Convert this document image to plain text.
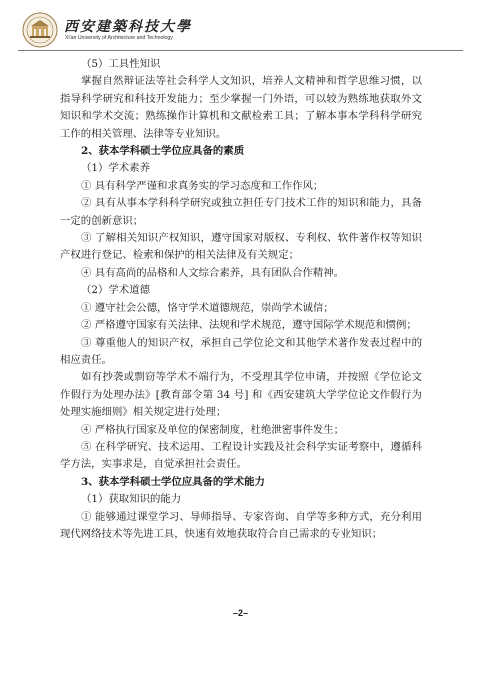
西安建築科技大學
Xi'an University of Architecture and Technology

（5）工具性知识

掌握自然辩证法等社会科学人文知识，培养人文精神和哲学思维习惯，以指导科学研究和科技开发能力；至少掌握一门外语，可以较为熟练地获取外文知识和学术交流；熟练操作计算机和文献检索工具；了解本事本学科科学研究工作的相关管理、法律等专业知识。

2、获本学科硕士学位应具备的素质

（1）学术素养

① 具有科学严谨和求真务实的学习态度和工作作风；

② 具有从事本学科科学研究或独立担任专门技术工作的知识和能力，具备一定的创新意识；

③ 了解相关知识产权知识，遵守国家对版权、专利权、软件著作权等知识产权进行登记、检索和保护的相关法律及有关规定；

④ 具有高尚的品格和人文综合素养，具有团队合作精神。

（2）学术道德

① 遵守社会公德，恪守学术道德规范，崇尚学术诚信；

② 严格遵守国家有关法律、法规和学术规范，遵守国际学术规范和惯例；

③ 尊重他人的知识产权，承担自己学位论文和其他学术著作发表过程中的相应责任。

如有抄袭或剽窃等学术不端行为，不受理其学位申请，并按照《学位论文作假行为处理办法》[教育部令第 34 号] 和《西安建筑大学学位论文作假行为处理实施细则》相关规定进行处理；

④ 严格执行国家及单位的保密制度，杜绝泄密事件发生；

⑤ 在科学研究、技术运用、工程设计实践及社会科学实证考察中，遵循科学方法，实事求是，自觉承担社会责任。

3、获本学科硕士学位应具备的学术能力

（1）获取知识的能力

① 能够通过课堂学习、导师指导、专家咨询、自学等多种方式，充分利用现代网络技术等先进工具，快速有效地获取符合自己需求的专业知识；

–2–
